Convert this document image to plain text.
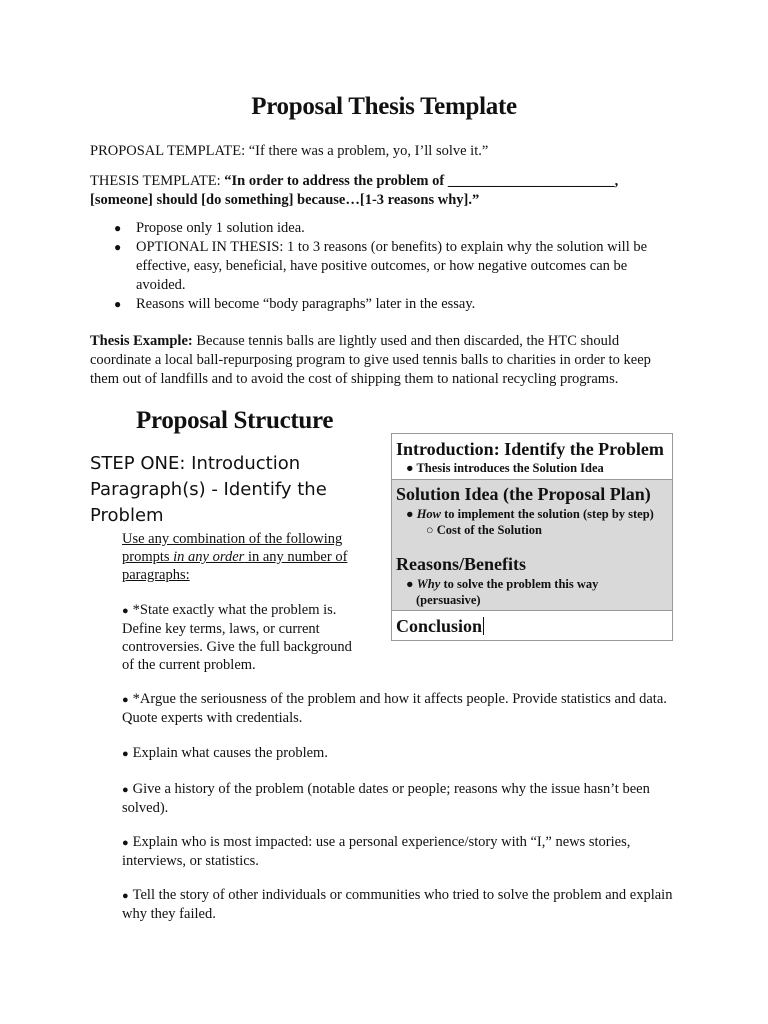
Proposal Thesis Template
PROPOSAL TEMPLATE: “If there was a problem, yo, I’ll solve it.”
THESIS TEMPLATE: “In order to address the problem of _______________________,
[someone] should [do something] because…[1-3 reasons why].”
● Propose only 1 solution idea.
● OPTIONAL IN THESIS: 1 to 3 reasons (or benefits) to explain why the solution will be effective, easy, beneficial, have positive outcomes, or how negative outcomes can be avoided.
● Reasons will become “body paragraphs” later in the essay.
Thesis Example: Because tennis balls are lightly used and then discarded, the HTC should coordinate a local ball-repurposing program to give used tennis balls to charities in order to keep them out of landfills and to avoid the cost of shipping them to national recycling programs.
Proposal Structure
STEP ONE: Introduction Paragraph(s) - Identify the Problem
Use any combination of the following prompts in any order in any number of paragraphs:
● *State exactly what the problem is. Define key terms, laws, or current controversies. Give the full background of the current problem.
● *Argue the seriousness of the problem and how it affects people. Provide statistics and data. Quote experts with credentials.
● Explain what causes the problem.
● Give a history of the problem (notable dates or people; reasons why the issue hasn’t been solved).
● Explain who is most impacted: use a personal experience/story with “I,” news stories, interviews, or statistics.
● Tell the story of other individuals or communities who tried to solve the problem and explain why they failed.
Introduction: Identify the Problem
● Thesis introduces the Solution Idea
Solution Idea (the Proposal Plan)
● How to implement the solution (step by step)
○ Cost of the Solution
Reasons/Benefits
● Why to solve the problem this way
(persuasive)
Conclusion
